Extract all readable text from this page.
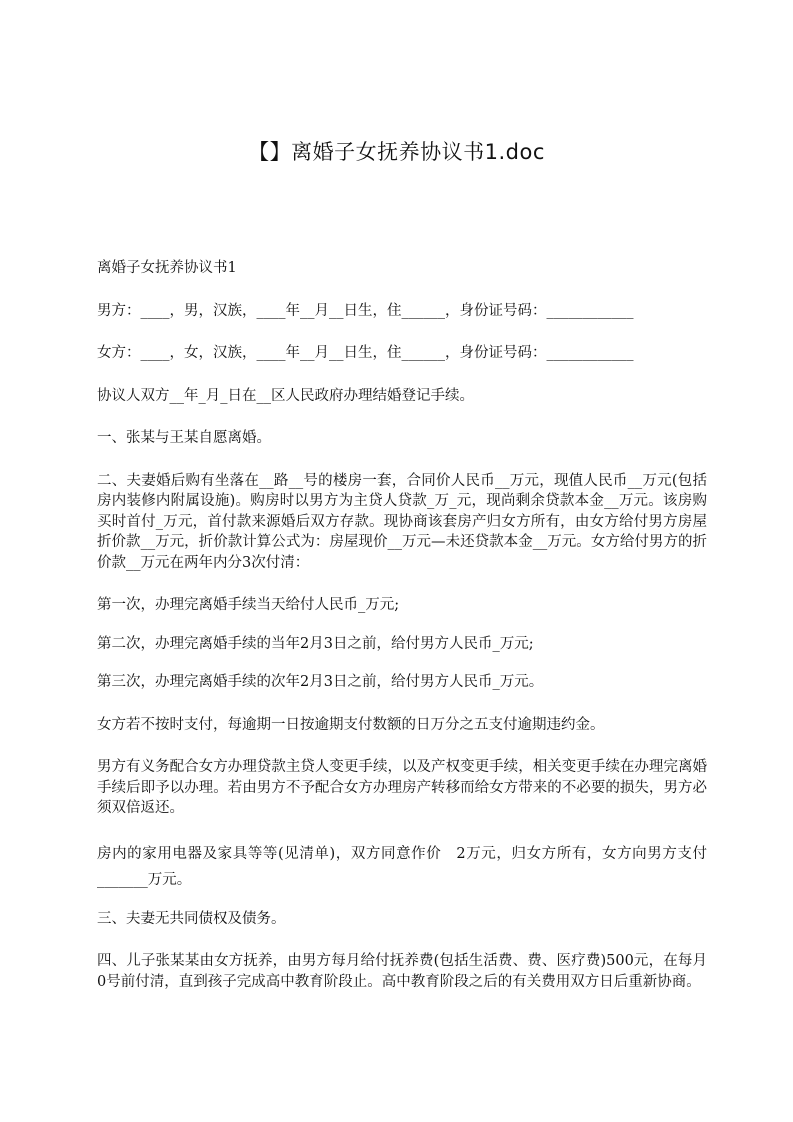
【】离婚子女抚养协议书1.doc

离婚子女抚养协议书1

男方：____，男，汉族，____年__月__日生，住______，身份证号码：____________

女方：____，女，汉族，____年__月__日生，住______，身份证号码：____________

协议人双方__年_月_日在__区人民政府办理结婚登记手续。

一、张某与王某自愿离婚。

二、夫妻婚后购有坐落在__路__号的楼房一套，合同价人民币__万元，现值人民币__万元(包括房内装修内附属设施)。购房时以男方为主贷人贷款_万_元，现尚剩余贷款本金__万元。该房购买时首付_万元，首付款来源婚后双方存款。现协商该套房产归女方所有，由女方给付男方房屋折价款__万元，折价款计算公式为：房屋现价__万元—未还贷款本金__万元。女方给付男方的折价款__万元在两年内分3次付清：

第一次，办理完离婚手续当天给付人民币_万元;

第二次，办理完离婚手续的当年2月3日之前，给付男方人民币_万元;

第三次，办理完离婚手续的次年2月3日之前，给付男方人民币_万元。

女方若不按时支付，每逾期一日按逾期支付数额的日万分之五支付逾期违约金。

男方有义务配合女方办理贷款主贷人变更手续，以及产权变更手续，相关变更手续在办理完离婚手续后即予以办理。若由男方不予配合女方办理房产转移而给女方带来的不必要的损失，男方必须双倍返还。

房内的家用电器及家具等等(见清单)，双方同意作价　2万元，归女方所有，女方向男方支付_______万元。

三、夫妻无共同债权及债务。

四、儿子张某某由女方抚养，由男方每月给付抚养费(包括生活费、费、医疗费)500元，在每月0号前付清，直到孩子完成高中教育阶段止。高中教育阶段之后的有关费用双方日后重新协商。
